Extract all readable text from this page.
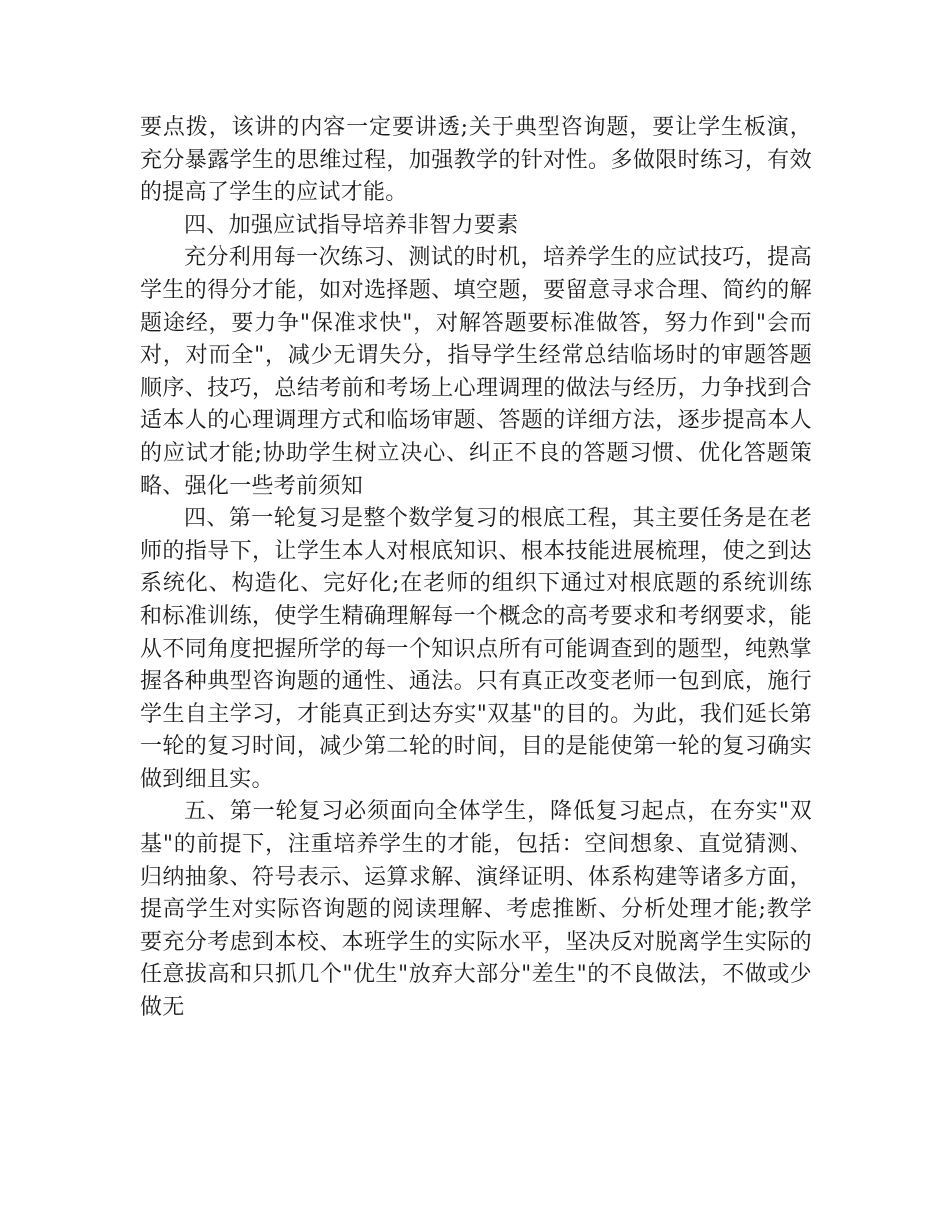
要点拨，该讲的内容一定要讲透;关于典型咨询题，要让学生板演，充分暴露学生的思维过程，加强教学的针对性。多做限时练习，有效的提高了学生的应试才能。

四、加强应试指导培养非智力要素

充分利用每一次练习、测试的时机，培养学生的应试技巧，提高学生的得分才能，如对选择题、填空题，要留意寻求合理、简约的解题途经，要力争"保准求快"，对解答题要标准做答，努力作到"会而对，对而全"，减少无谓失分，指导学生经常总结临场时的审题答题顺序、技巧，总结考前和考场上心理调理的做法与经历，力争找到合适本人的心理调理方式和临场审题、答题的详细方法，逐步提高本人的应试才能;协助学生树立决心、纠正不良的答题习惯、优化答题策略、强化一些考前须知

四、第一轮复习是整个数学复习的根底工程，其主要任务是在老师的指导下，让学生本人对根底知识、根本技能进展梳理，使之到达系统化、构造化、完好化;在老师的组织下通过对根底题的系统训练和标准训练，使学生精确理解每一个概念的高考要求和考纲要求，能从不同角度把握所学的每一个知识点所有可能调查到的题型，纯熟掌握各种典型咨询题的通性、通法。只有真正改变老师一包到底，施行学生自主学习，才能真正到达夯实"双基"的目的。为此，我们延长第一轮的复习时间，减少第二轮的时间，目的是能使第一轮的复习确实做到细且实。

五、第一轮复习必须面向全体学生，降低复习起点，在夯实"双基"的前提下，注重培养学生的才能，包括：空间想象、直觉猜测、归纳抽象、符号表示、运算求解、演绎证明、体系构建等诸多方面，提高学生对实际咨询题的阅读理解、考虑推断、分析处理才能;教学要充分考虑到本校、本班学生的实际水平，坚决反对脱离学生实际的任意拔高和只抓几个"优生"放弃大部分"差生"的不良做法，不做或少做无
